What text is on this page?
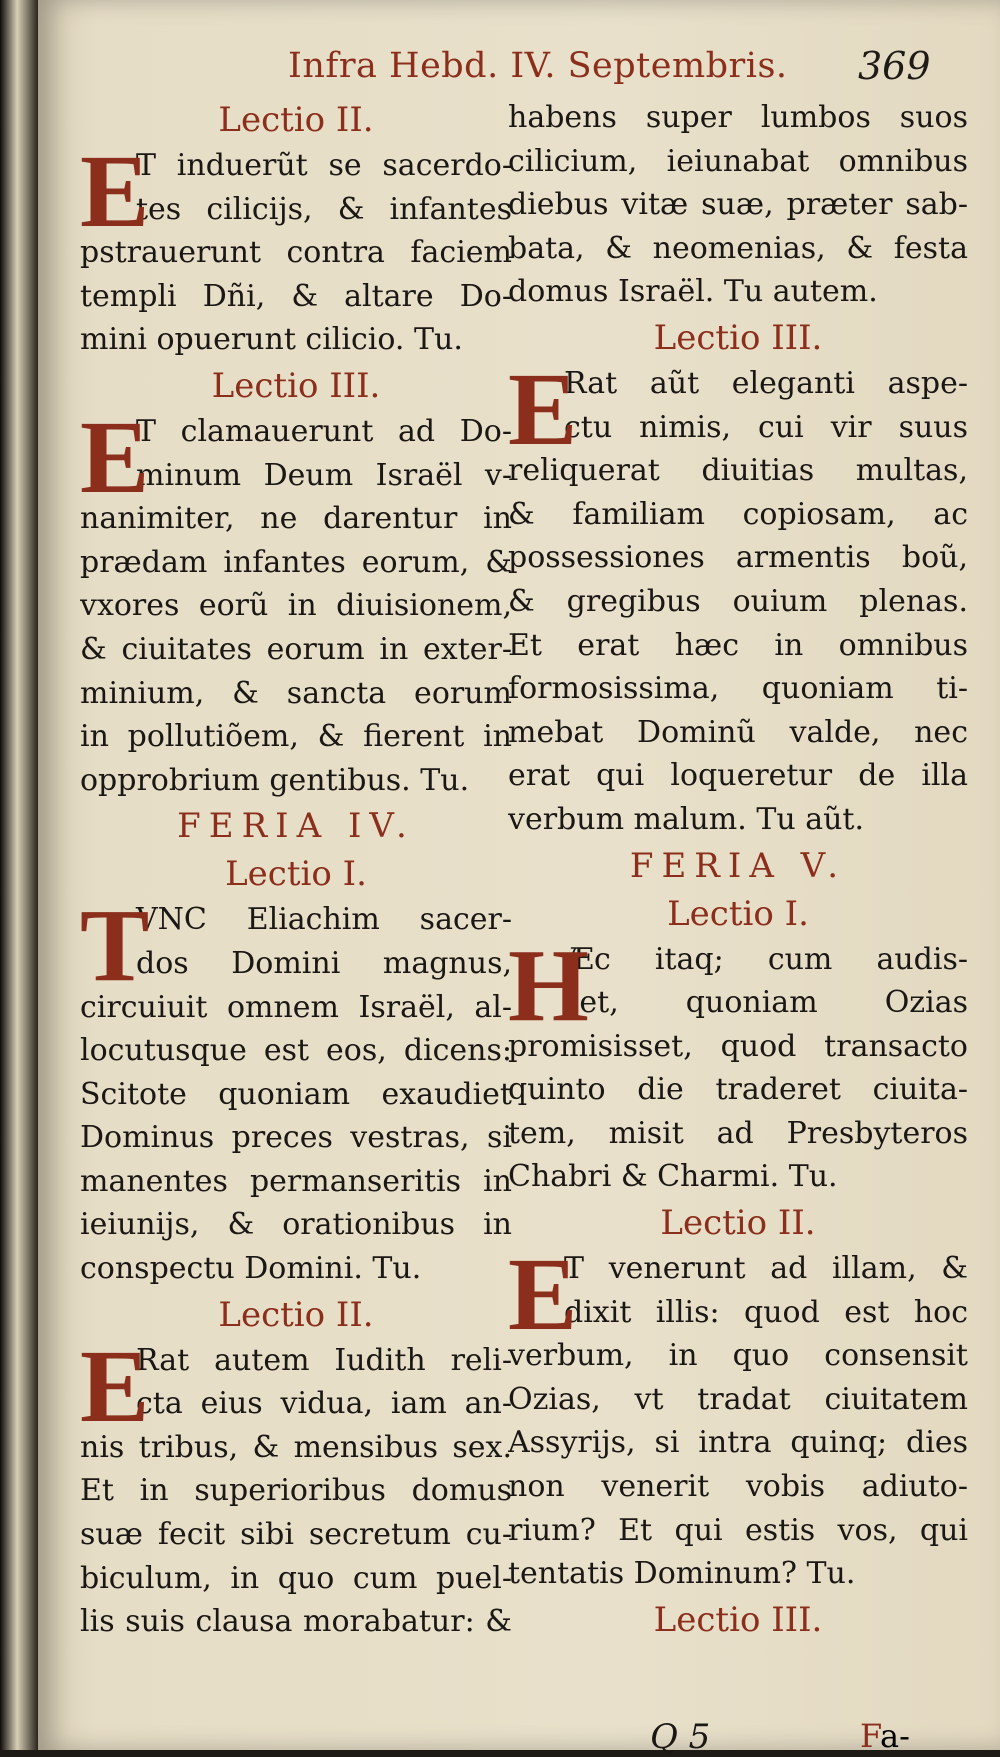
Infra Hebd. IV. Septembris. 369
Lectio II.
E
T induerũt se sacerdo-
tes cilicijs, & infantes
pstrauerunt contra faciem
templi Dñi, & altare Do-
mini opuerunt cilicio. Tu.
Lectio III.
E
T clamauerunt ad Do-
minum Deum Israël v-
nanimiter, ne darentur in
prædam infantes eorum, &
vxores eorũ in diuisionem,
& ciuitates eorum in exter-
minium, & sancta eorum
in pollutiõem, & fierent in
opprobrium gentibus. Tu.
FERIA IV.
Lectio I.
T
VNC Eliachim sacer-
dos Domini magnus,
circuiuit omnem Israël, al-
locutusque est eos, dicens:
Scitote quoniam exaudiet
Dominus preces vestras, si
manentes permanseritis in
ieiunijs, & orationibus in
conspectu Domini. Tu.
Lectio II.
E
Rat autem Iudith reli-
cta eius vidua, iam an-
nis tribus, & mensibus sex.
Et in superioribus domus
suæ fecit sibi secretum cu-
biculum, in quo cum puel-
lis suis clausa morabatur: &
habens super lumbos suos
cilicium, ieiunabat omnibus
diebus vitæ suæ, præter sab-
bata, & neomenias, & festa
domus Israël. Tu autem.
Lectio III.
E
Rat aũt eleganti aspe-
ctu nimis, cui vir suus
reliquerat diuitias multas,
& familiam copiosam, ac
possessiones armentis boũ,
& gregibus ouium plenas.
Et erat hæc in omnibus
formosissima, quoniam ti-
mebat Dominũ valde, nec
erat qui loqueretur de illa
verbum malum. Tu aũt.
FERIA V.
Lectio I.
H
Æc itaq; cum audis-
set, quoniam Ozias
promisisset, quod transacto
quinto die traderet ciuita-
tem, misit ad Presbyteros
Chabri & Charmi. Tu.
Lectio II.
E
T venerunt ad illam, &
dixit illis: quod est hoc
verbum, in quo consensit
Ozias, vt tradat ciuitatem
Assyrijs, si intra quinq; dies
non venerit vobis adiuto-
rium? Et qui estis vos, qui
tentatis Dominum? Tu.
Lectio III.
Q 5	Fa-
